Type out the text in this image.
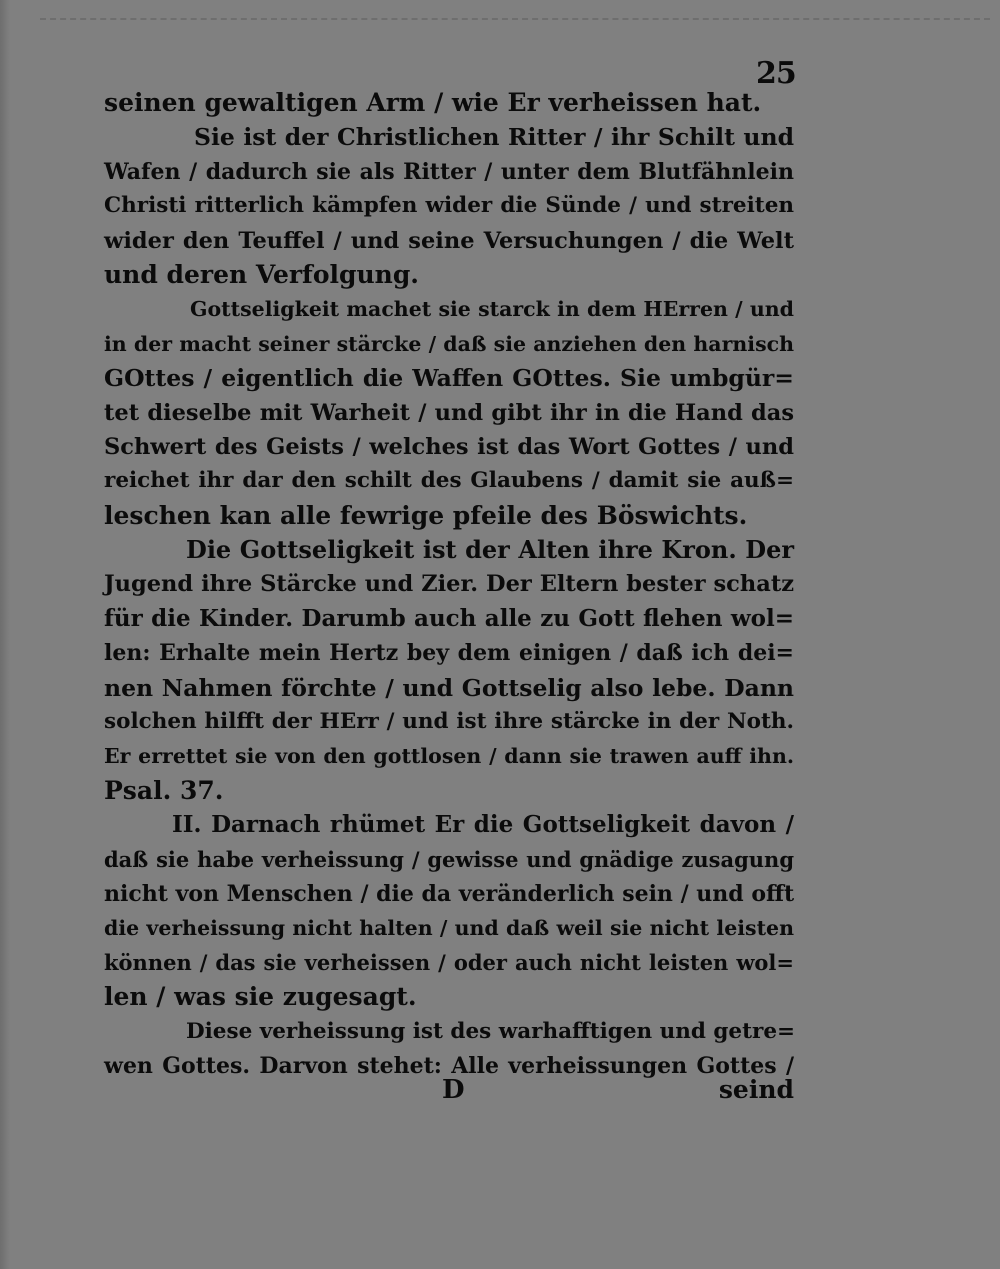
25
seinen gewaltigen Arm / wie Er verheissen hat.
Sie ist der Christlichen Ritter / ihr Schilt und
Wafen / dadurch sie als Ritter / unter dem Blutfähnlein
Christi ritterlich kämpfen wider die Sünde / und streiten
wider den Teuffel / und seine Versuchungen / die Welt
und deren Verfolgung.
Gottseligkeit machet sie starck in dem HErren / und
in der macht seiner stärcke / daß sie anziehen den harnisch
GOttes / eigentlich die Waffen GOttes. Sie umbgür=
tet dieselbe mit Warheit / und gibt ihr in die Hand das
Schwert des Geists / welches ist das Wort Gottes / und
reichet ihr dar den schilt des Glaubens / damit sie auß=
leschen kan alle fewrige pfeile des Böswichts.
Die Gottseligkeit ist der Alten ihre Kron. Der
Jugend ihre Stärcke und Zier. Der Eltern bester schatz
für die Kinder. Darumb auch alle zu Gott flehen wol=
len: Erhalte mein Hertz bey dem einigen / daß ich dei=
nen Nahmen förchte / und Gottselig also lebe. Dann
solchen hilfft der HErr / und ist ihre stärcke in der Noth.
Er errettet sie von den gottlosen / dann sie trawen auff ihn.
Psal. 37.
II. Darnach rhümet Er die Gottseligkeit davon /
daß sie habe verheissung / gewisse und gnädige zusagung
nicht von Menschen / die da veränderlich sein / und offt
die verheissung nicht halten / und daß weil sie nicht leisten
können / das sie verheissen / oder auch nicht leisten wol=
len / was sie zugesagt.
Diese verheissung ist des warhafftigen und getre=
wen Gottes. Darvon stehet: Alle verheissungen Gottes /
D	seind
